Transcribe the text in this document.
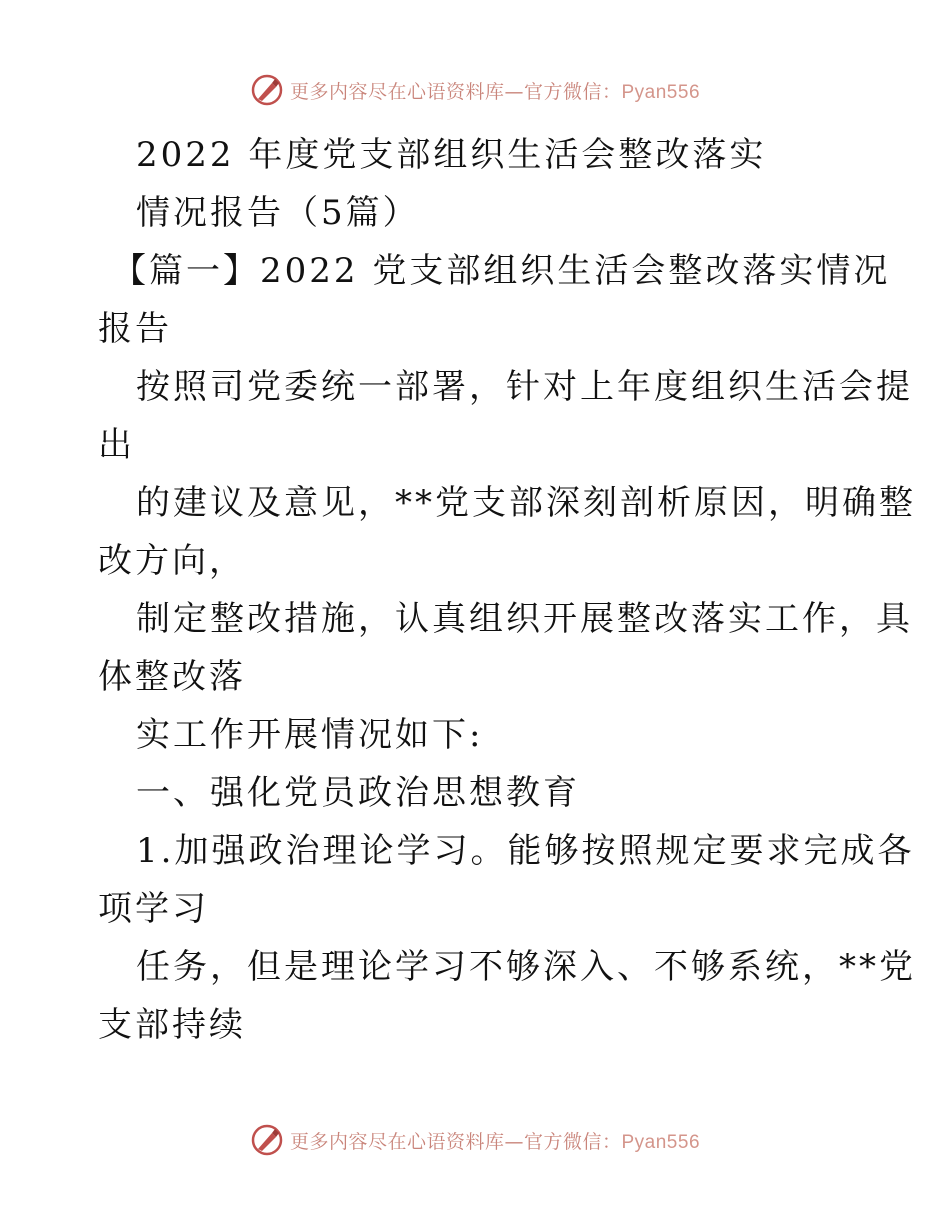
更多内容尽在心语资料库—官方微信：Pyan556
2022 年度党支部组织生活会整改落实
情况报告（5篇）
【篇一】2022 党支部组织生活会整改落实情况
报告
按照司党委统一部署，针对上年度组织生活会提
出
的建议及意见，**党支部深刻剖析原因，明确整
改方向，
制定整改措施，认真组织开展整改落实工作，具
体整改落
实工作开展情况如下:
一、强化党员政治思想教育
1.加强政治理论学习。能够按照规定要求完成各
项学习
任务，但是理论学习不够深入、不够系统，**党
支部持续
更多内容尽在心语资料库—官方微信：Pyan556
